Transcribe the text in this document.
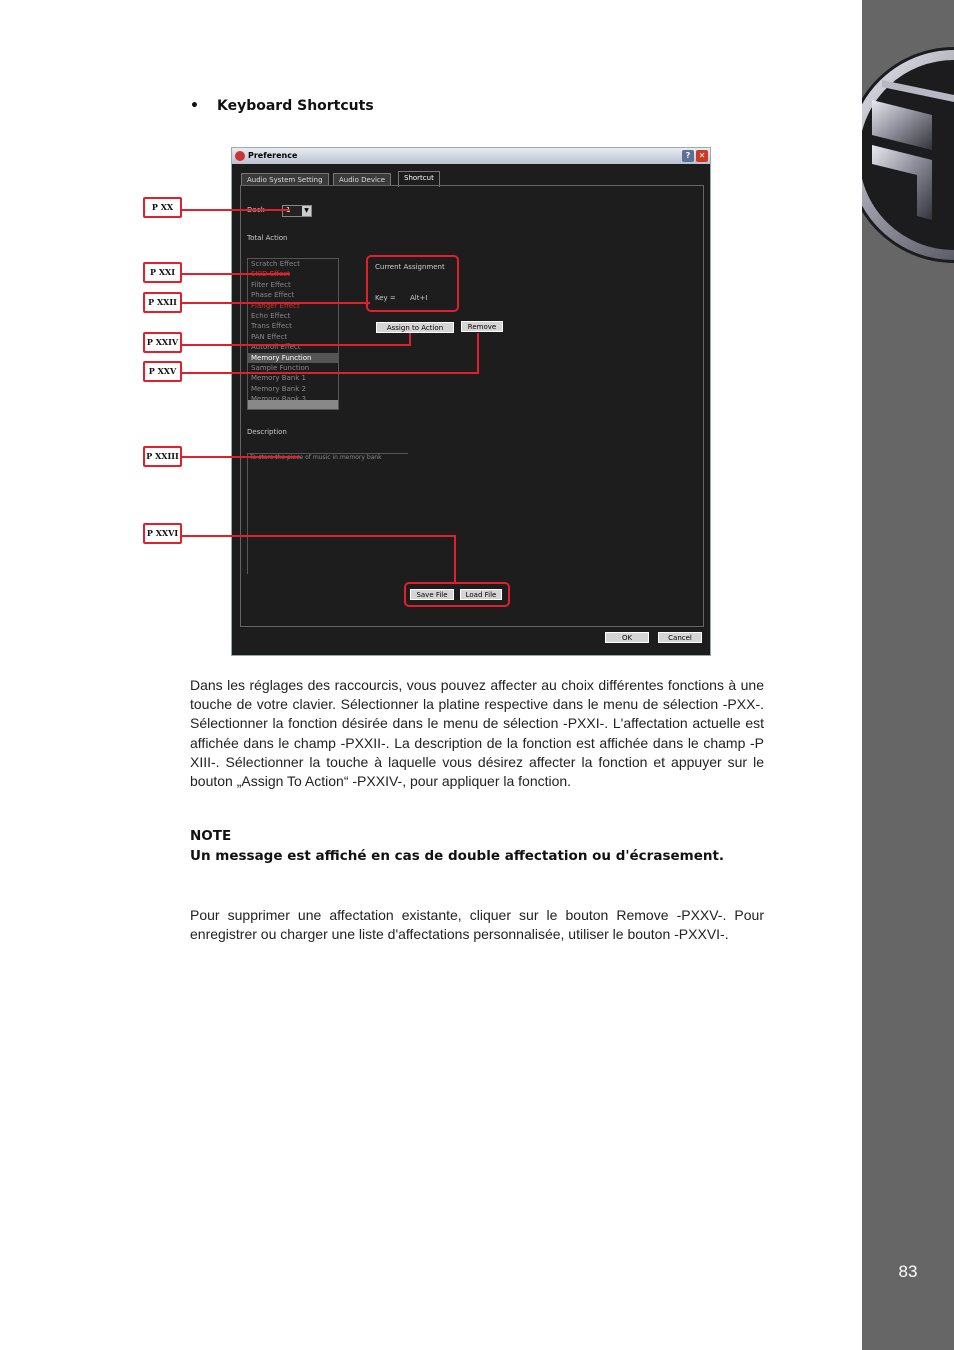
83
• Keyboard Shortcuts
Preference	?	✕
Audio System Setting	Audio Device	Shortcut
Deck	1	▼
Total Action
Scratch Effect
SKID Effect
Filter Effect
Phase Effect
Flanger Effect
Echo Effect
Trans Effect
PAN Effect
Autoroll Effect
Memory Function
Sample Function
Memory Bank 1
Memory Bank 2
Current Assignment
Key = Alt+I
Assign to Action	Remove
Description
To store the piece of music in memory bank
Save File	Load File
OK	Cancel
P XX
P XXI
P XXII
P XXIV
P XXV
P XXIII
P XXVI

Dans les réglages des raccourcis, vous pouvez affecter au choix différentes fonctions à une touche de votre clavier. Sélectionner la platine respective dans le menu de sélection -PXX-. Sélectionner la fonction désirée dans le menu de sélection -PXXI-. L'affectation actuelle est affichée dans le champ -PXXII-. La description de la fonction est affichée dans le champ -P XIII-. Sélectionner la touche à laquelle vous désirez affecter la fonction et appuyer sur le bouton „Assign To Action“ -PXXIV-, pour appliquer la fonction.

NOTE
Un message est affiché en cas de double affectation ou d'écrasement.

Pour supprimer une affectation existante, cliquer sur le bouton Remove -PXXV-. Pour enregistrer ou charger une liste d'affectations personnalisée, utiliser le bouton -PXXVI-.
